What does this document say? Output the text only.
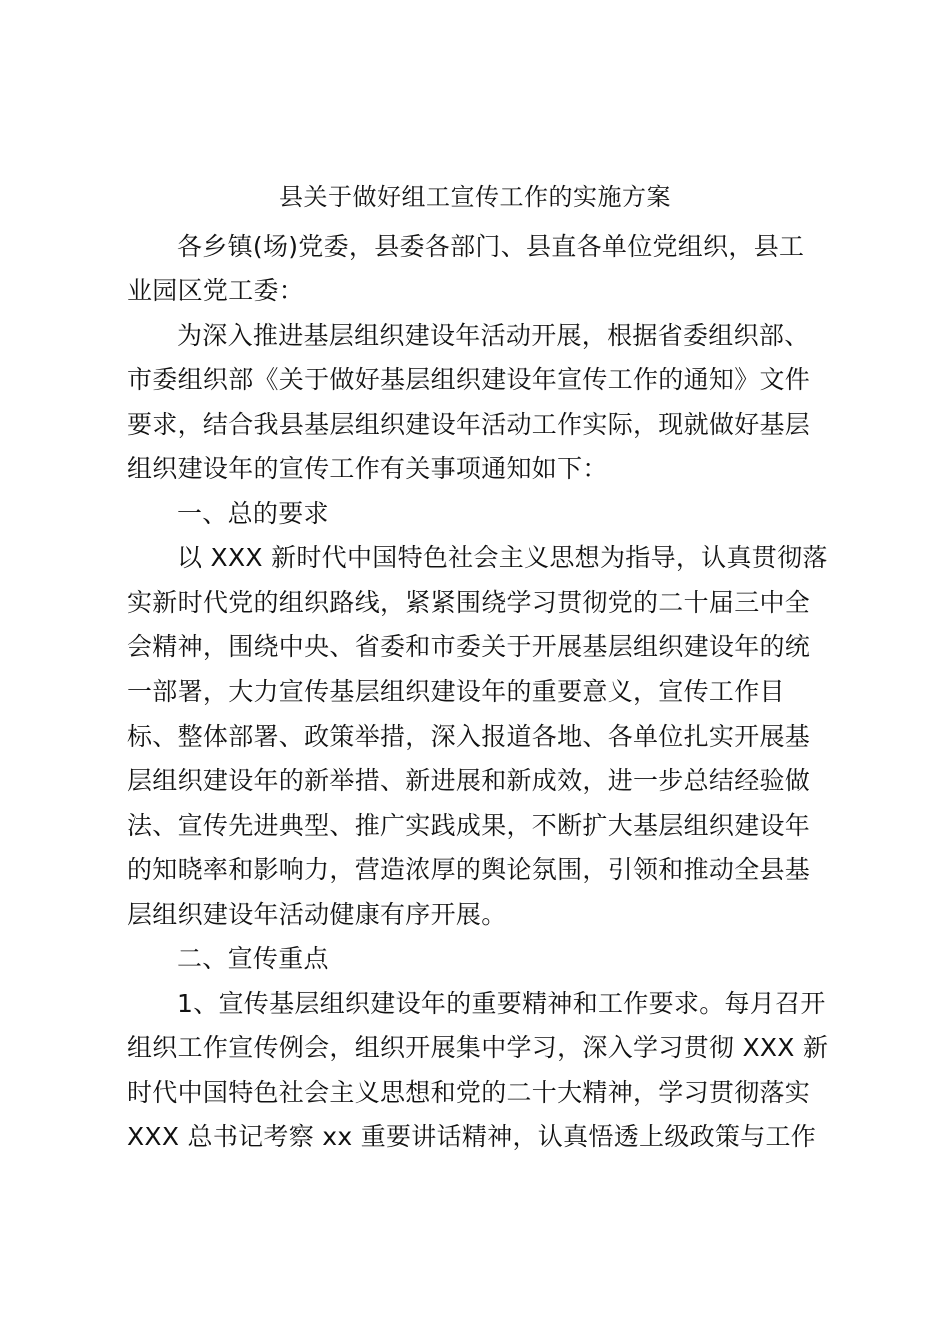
县关于做好组工宣传工作的实施方案
各乡镇(场)党委，县委各部门、县直各单位党组织，县工
业园区党工委：
为深入推进基层组织建设年活动开展，根据省委组织部、
市委组织部《关于做好基层组织建设年宣传工作的通知》文件
要求，结合我县基层组织建设年活动工作实际，现就做好基层
组织建设年的宣传工作有关事项通知如下：
一、总的要求
以 XXX 新时代中国特色社会主义思想为指导，认真贯彻落
实新时代党的组织路线，紧紧围绕学习贯彻党的二十届三中全
会精神，围绕中央、省委和市委关于开展基层组织建设年的统
一部署，大力宣传基层组织建设年的重要意义，宣传工作目
标、整体部署、政策举措，深入报道各地、各单位扎实开展基
层组织建设年的新举措、新进展和新成效，进一步总结经验做
法、宣传先进典型、推广实践成果，不断扩大基层组织建设年
的知晓率和影响力，营造浓厚的舆论氛围，引领和推动全县基
层组织建设年活动健康有序开展。
二、宣传重点
1、宣传基层组织建设年的重要精神和工作要求。每月召开
组织工作宣传例会，组织开展集中学习，深入学习贯彻 XXX 新
时代中国特色社会主义思想和党的二十大精神，学习贯彻落实
XXX 总书记考察 xx 重要讲话精神，认真悟透上级政策与工作
